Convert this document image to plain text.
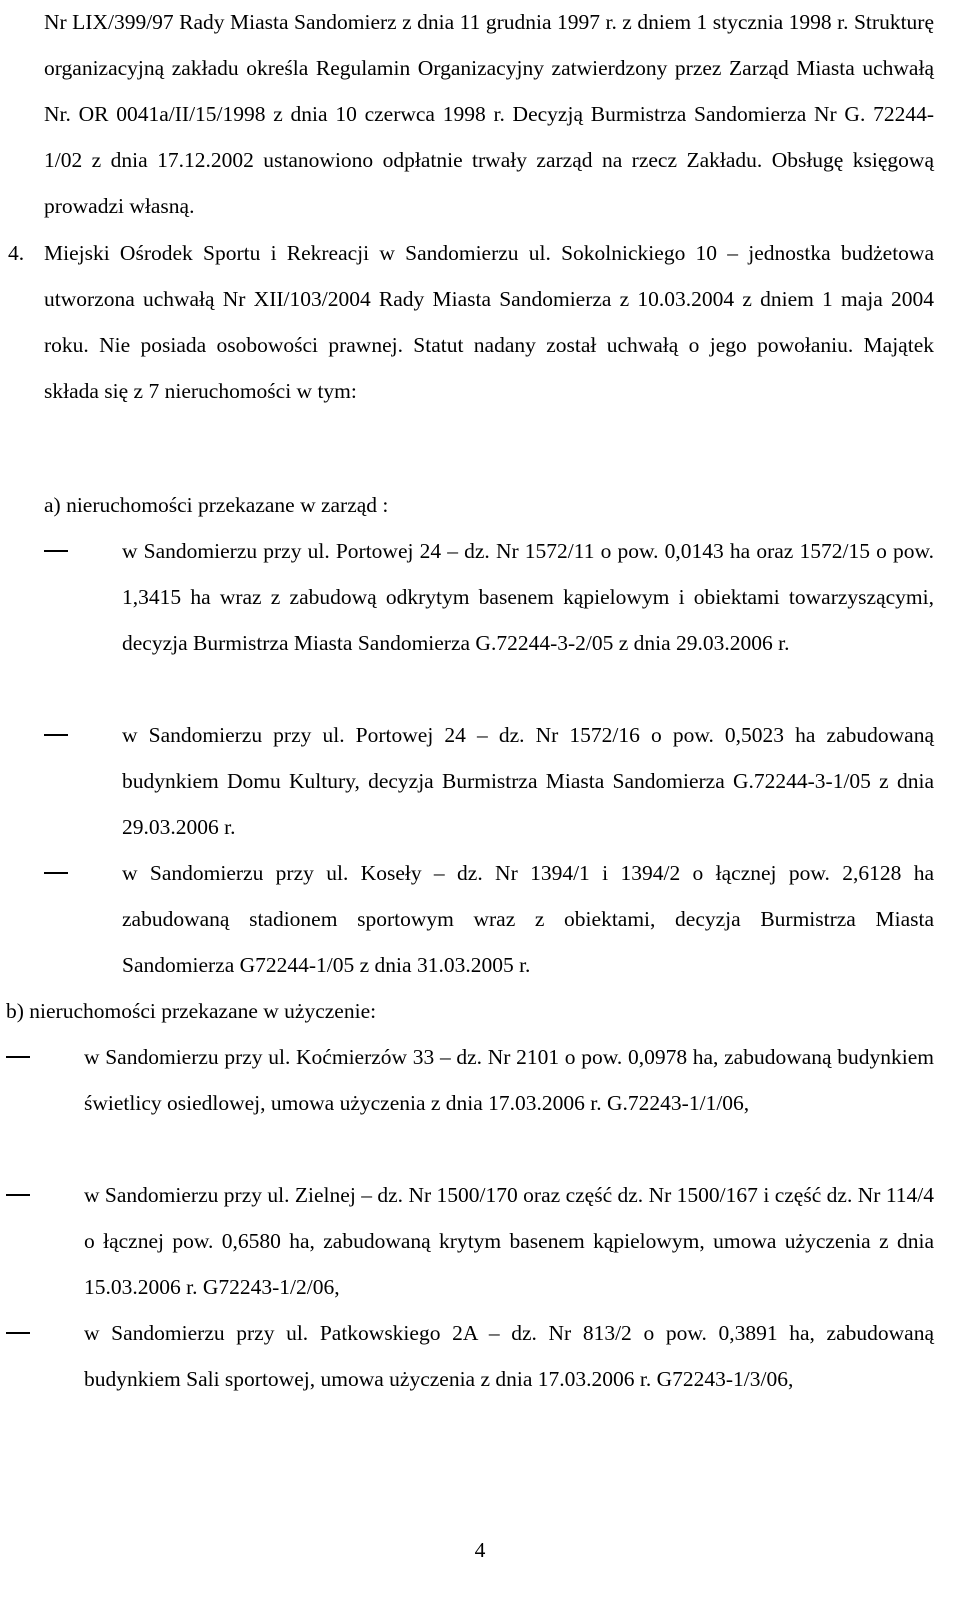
Nr LIX/399/97 Rady Miasta Sandomierz z dnia 11 grudnia 1997 r. z dniem 1 stycznia 1998 r. Strukturę organizacyjną zakładu określa Regulamin Organizacyjny zatwierdzony przez Zarząd Miasta uchwałą Nr. OR 0041a/II/15/1998 z dnia 10 czerwca 1998 r. Decyzją Burmistrza Sandomierza Nr G. 72244-1/02 z dnia 17.12.2002 ustanowiono odpłatnie trwały zarząd na rzecz Zakładu. Obsługę księgową prowadzi własną.
4. Miejski Ośrodek Sportu i Rekreacji w Sandomierzu ul. Sokolnickiego 10 – jednostka budżetowa utworzona uchwałą Nr XII/103/2004 Rady Miasta Sandomierza z 10.03.2004 z dniem 1 maja 2004 roku. Nie posiada osobowości prawnej. Statut nadany został uchwałą o jego powołaniu. Majątek składa się z 7 nieruchomości w tym:
a) nieruchomości przekazane w zarząd :
w Sandomierzu przy ul. Portowej 24 – dz. Nr 1572/11 o pow. 0,0143 ha oraz 1572/15 o pow. 1,3415 ha wraz z zabudową odkrytym basenem kąpielowym i obiektami towarzyszącymi, decyzja Burmistrza Miasta Sandomierza G.72244-3-2/05 z dnia 29.03.2006 r.
w Sandomierzu przy ul. Portowej 24 – dz. Nr 1572/16 o pow. 0,5023 ha zabudowaną budynkiem Domu Kultury, decyzja Burmistrza Miasta Sandomierza G.72244-3-1/05 z dnia 29.03.2006 r.
w Sandomierzu przy ul. Koseły – dz. Nr 1394/1 i 1394/2 o łącznej pow. 2,6128 ha zabudowaną stadionem sportowym wraz z obiektami, decyzja Burmistrza Miasta Sandomierza G72244-1/05 z dnia 31.03.2005 r.
b) nieruchomości przekazane w użyczenie:
w Sandomierzu przy ul. Koćmierzów 33 – dz. Nr 2101 o pow. 0,0978 ha, zabudowaną budynkiem świetlicy osiedlowej, umowa użyczenia z dnia 17.03.2006 r. G.72243-1/1/06,
w Sandomierzu przy ul. Zielnej – dz. Nr 1500/170 oraz część dz. Nr 1500/167 i część dz. Nr 114/4 o łącznej pow. 0,6580 ha, zabudowaną krytym basenem kąpielowym, umowa użyczenia z dnia 15.03.2006 r. G72243-1/2/06,
w Sandomierzu przy ul. Patkowskiego 2A – dz. Nr 813/2 o pow. 0,3891 ha, zabudowaną budynkiem Sali sportowej, umowa użyczenia z dnia 17.03.2006 r. G72243-1/3/06,
4
